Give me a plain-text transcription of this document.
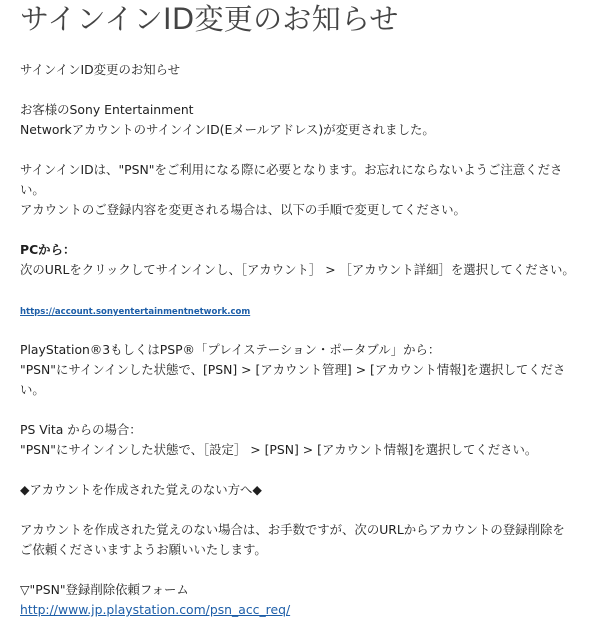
サインインID変更のお知らせ

サインインID変更のお知らせ

お客様のSony Entertainment

NetworkアカウントのサインインID(Eメールアドレス)が変更されました。

サインインIDは、"PSN"をご利用になる際に必要となります。お忘れにならないようご注意くださ

い。

アカウントのご登録内容を変更される場合は、以下の手順で変更してください。

PCから：

次のURLをクリックしてサインインし、［アカウント］ > ［アカウント詳細］を選択してください。

https://account.sonyentertainmentnetwork.com

PlayStation®3もしくはPSP®「プレイステーション・ポータブル」から：

"PSN"にサインインした状態で、[PSN] > [アカウント管理] > [アカウント情報]を選択してくださ

い。

PS Vita からの場合：

"PSN"にサインインした状態で、［設定］ > [PSN] > [アカウント情報]を選択してください。

◆アカウントを作成された覚えのない方へ◆

アカウントを作成された覚えのない場合は、お手数ですが、次のURLからアカウントの登録削除を

ご依頼くださいますようお願いいたします。

▽"PSN"登録削除依頼フォーム

http://www.jp.playstation.com/psn_acc_req/
